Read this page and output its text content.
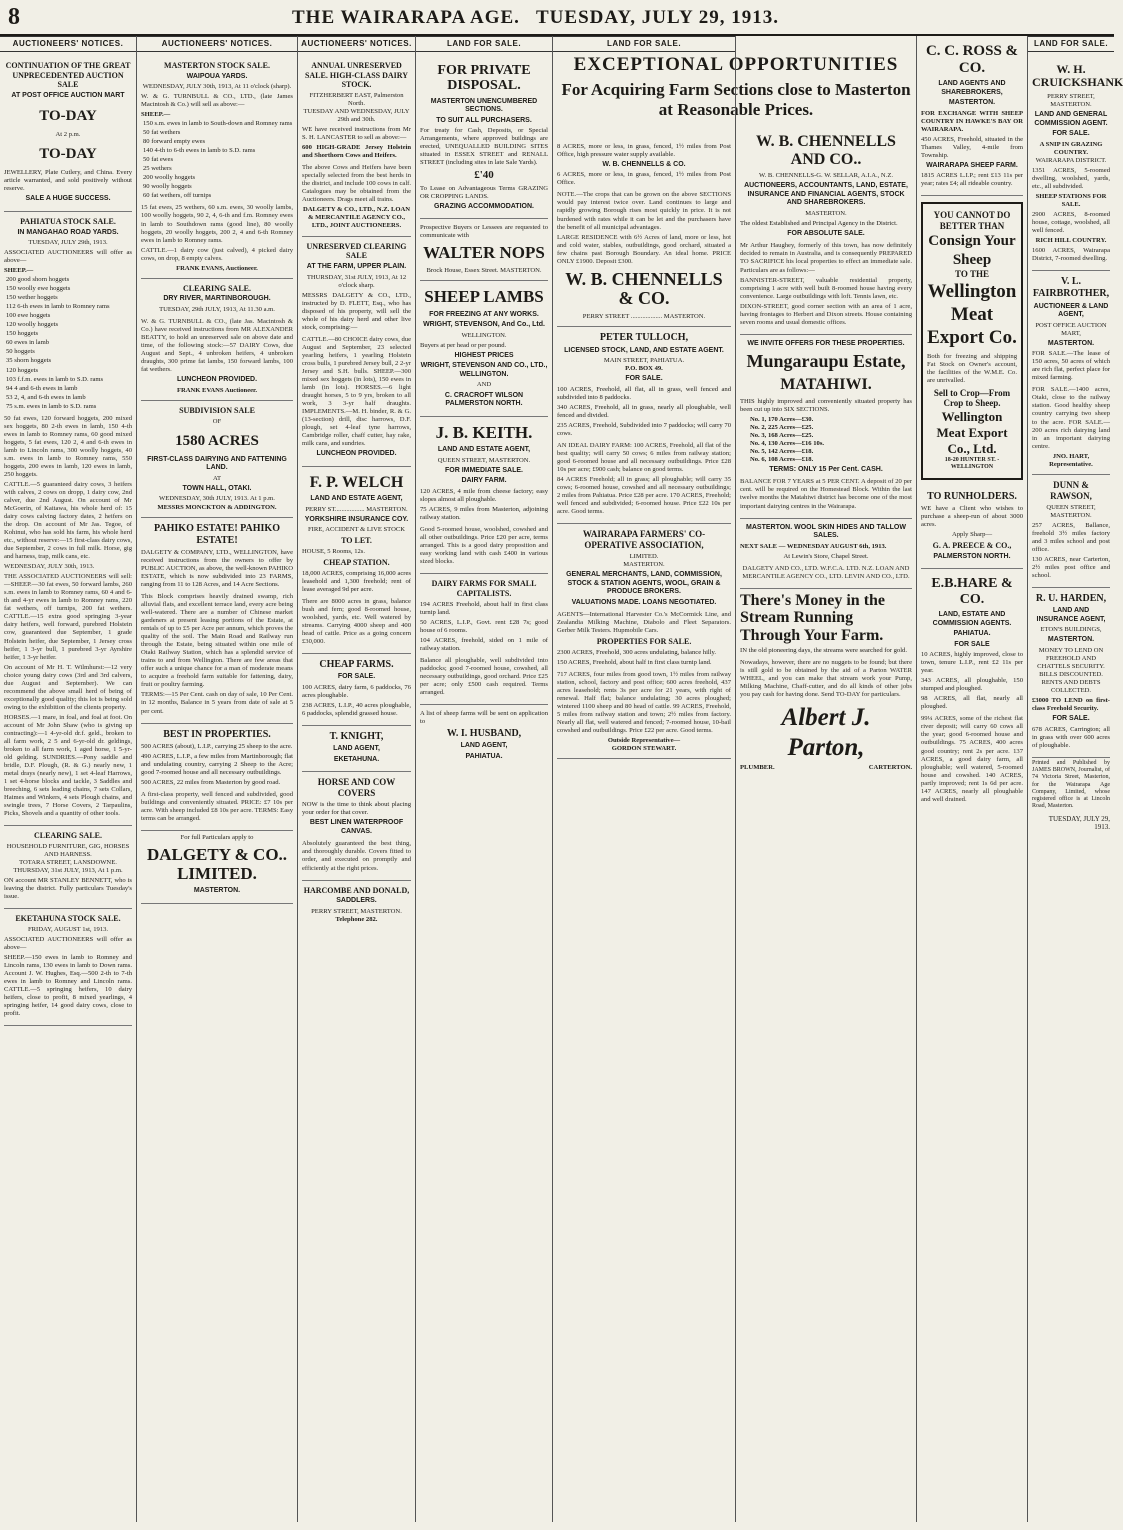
8	THE WAIRARAPA AGE. TUESDAY, JULY 29, 1913.
AUCTIONEERS' NOTICES.
CONTINUATION OF THE GREAT UNPRECEDENTED AUCTION SALE
AT POST OFFICE AUCTION MART
TO-DAY
At 2 p.m.
TO-DAY

JEWELLERY, Plate Cutlery, and China. Every article warranted, and sold positively without reserve.

SALE A HUGE SUCCESS.
PAHIATUA STOCK SALE.
IN MANGAHAO ROAD YARDS.
TUESDAY, JULY 29th, 1913.

ASSOCIATED AUCTIONEERS will offer as above—

SHEEP.—
200 good shorn hoggets
150 woolly ewe hoggets
150 wether hoggets
112 6-th ewes in lamb to Romney rams
100 ewe hoggets
120 woolly hoggets
150 hoggets
60 ewes in lamb
50 hoggets
35 shorn hoggets
120 hoggets
103 f.f.m. ewes in lamb to S.D. rams
94 4 and 6-th ewes in lamb
53 2, 4, and 6-th ewes in lamb
75 s.m. ewes in lamb to S.D. rams

50 fat ewes, 120 forward hoggets, 200 mixed sex hoggets, 80 2-th ewes in lamb, 150 4-th ewes in lamb to Romney rams, 60 good mixed hoggets, 5 fat ewes, 120 2, 4 and 6-th ewes in lamb to Lincoln rams, 300 woolly hoggets, 40 s.m. ewes in lamb to Romney rams, 550 hoggets, 200 ewes in lamb, 120 ewes in lamb, 250 hoggets.

CATTLE.—5 guaranteed dairy cows, 3 heifers with calves, 2 cows on dropp, 1 dairy cow, 2nd calver, due 2nd August. On account of Mr McGoerin, of Kaitawa, his whole herd of: 15 dairy cows calving factory dates, 2 heifers on the drop. On account of Mr Jas. Tegoe, of Kohinui, who has sold his farm, his whole herd etc., without reserve:—15 first-class dairy cows, due September, 2 cows in full milk. Horse, gig and harness, trap, milk cans, etc.

WEDNESDAY, JULY 30th, 1913.

THE ASSOCIATED AUCTIONEERS will sell:—SHEEP.—30 fat ewes, 50 forward lambs, 260 s.m. ewes in lamb to Romney rams, 60 4 and 6-th and 4-yr ewes in lamb to Romney rams, 220 fat wethers, off turnips, 200 fat wethers. CATTLE.—15 extra good springing 3-year dairy heifers, well forward, purebred Holstein cow, guaranteed due September, 1 grade Holstein heifer, due September, 1 Jersey cross heifer, 1 3-yr bull, 1 purebred 3-yr Ayrshire heifer, 1 3-yr heifer.

On account of Mr H. T. Wilmhurst:—12 very choice young dairy cows (3rd and 3rd calvers, due August and September). We can recommend the above small herd of being of exceptionally good quality; this lot is being sold owing to the exhibition of the clients property.

HORSES.—1 mare, in foal, and foal at foot. On account of Mr John Shaw (who is giving up contracting):—1 4-yr-old dr.f. geld., broken to all farm work, 2 5 and 6-yr-old dr. geldings, broken to all farm work, 1 aged horse, 1 5-yr-old gelding. SUNDRIES.—Pony saddle and bridle, D.F. Plough, (R. & G.) nearly new, 1 metal drays (nearly new), 1 set 4-leaf Harrows, 1 set 4-horse blocks and tackle, 3 Saddles and breeching, 6 sets leading chains, 7 sets Collars, Haimes and Winkers, 4 sets Plough chains, and swingle trees, 7 Horse Covers, 2 Tarpaulins, Picks, Shovels and a quantity of other tools.

CLEARING SALE.
HOUSEHOLD FURNITURE, GIG, HORSES AND HARNESS.
TOTARA STREET, LANSDOWNE.
THURSDAY, 31st JULY, 1913, At 1 p.m.

ON account MR STANLEY BENNETT, who is leaving the district. Fully particulars Tuesday's issue.

EKETAHUNA STOCK SALE.
FRIDAY, AUGUST 1st, 1913.

ASSOCIATED AUCTIONEERS will offer as above—

SHEEP.—150 ewes in lamb to Romney and Lincoln rams, 130 ewes in lamb to Down rams. Account J. W. Hughes, Esq.—500 2-th to 7-th ewes in lamb to Romney and Lincoln rams. CATTLE.—5 springing heifers, 10 dairy heifers, close to profit, 8 mixed yearlings, 4 springing heifer, 14 good dairy cows, close to profit.

AUCTIONEERS' NOTICES.
MASTERTON STOCK SALE.
WAIPOUA YARDS.
WEDNESDAY, JULY 30th, 1913, At 11 o'clock (sharp).

W. & G. TURNBULL & CO., LTD., (late James Macintosh & Co.) will sell as above:—

SHEEP.—
150 s.m. ewes in lamb to South-down and Romney rams
50 fat wethers
80 forward empty ewes
140 4-th to 6-th ewes in lamb to S.D. rams
50 fat ewes
25 wethers
200 woolly hoggets
90 woolly hoggets
60 fat wethers, off turnips

15 fat ewes, 25 wethers, 60 s.m. ewes, 30 woolly lambs, 100 woolly hoggets, 90 2, 4, 6-th and f.m. Romney ewes in lamb to Southdown rams (good line), 80 woolly hoggets, 20 woolly hoggets, 200 2, 4 and 6-th Romney ewes in lamb to Romney rams.

CATTLE.—1 dairy cow (just calved), 4 picked dairy cows, on drop, 8 empty calves.

FRANK EVANS, Auctioneer.
CLEARING SALE.
DRY RIVER, MARTINBOROUGH.
TUESDAY, 29th JULY, 1913, At 11.30 a.m.

W. & G. TURNBULL & CO., (late Jas. Macintosh & Co.) have received instructions from MR ALEXANDER BEATTY, to hold an unreserved sale on above date and time, of the following stock:—57 DAIRY Cows, due August and Sept., 4 unbroken heifers, 4 unbroken draughts, 300 prime fat lambs, 150 forward lambs, 100 fat wethers.

LUNCHEON PROVIDED.
FRANK EVANS Auctioneer.
SUBDIVISION SALE
OF
1580 ACRES
FIRST-CLASS DAIRYING AND FATTENING LAND.
AT
TOWN HALL, OTAKI.
WEDNESDAY, 30th JULY, 1913. At 1 p.m.
MESSRS MONCKTON & ADDINGTON.
PAHIKO ESTATE! PAHIKO ESTATE!

DALGETY & COMPANY, LTD., WELLINGTON, have received instructions from the owners to offer by PUBLIC AUCTION, as above, the well-known PAHIKO ESTATE, which is now subdivided into 23 FARMS, ranging from 11 to 128 Acres, and 14 Acre Sections.

This Block comprises heavily drained swamp, rich alluvial flats, and excellent terrace land, every acre being well-watered. There are a number of Chinese market gardeners at present leasing portions of the Estate, at rentals of up to £5 per Acre per annum, which proves the quality of the soil. The Main Road and Railway run through the Estate, being situated within one mile of Otaki Railway Station, which has a splendid service of trains to and from Wellington. There are few areas that offer such a unique chance for a man of moderate means to acquire a freehold farm suitable for fattening, dairy, fruit or poultry farming.

TERMS:—15 Per Cent. cash on day of sale, 10 Per Cent. in 12 months, Balance in 5 years from date of sale at 5 per cent.

BEST IN PROPERTIES.

500 ACRES (about), L.I.P., carrying 25 sheep to the acre.

490 ACRES, L.I.P., a few miles from Martinborough; flat and undulating country, carrying 2 Sheep to the Acre; good 7-roomed house and all necessary outbuildings.

500 ACRES, 22 miles from Masterton by good road.

A first-class property, well fenced and subdivided, good buildings and conveniently situated. PRICE: £7 10s per acre. With sheep included £8 10s per acre. TERMS: Easy terms can be arranged.

For full Particulars apply to
DALGETY & CO.. LIMITED.
MASTERTON.
AUCTIONEERS' NOTICES.
ANNUAL UNRESERVED SALE. HIGH-CLASS DAIRY STOCK.
FITZHERBERT EAST, Palmerston North.
TUESDAY AND WEDNESDAY, JULY 29th and 30th.

WE have received instructions from Mr S. H. LANCASTER to sell as above:—

600 HIGH-GRADE Jersey Holstein and Shorthorn Cows and Heifers.

The above Cows and Heifers have been specially selected from the best herds in the district, and include 100 cows in calf. Catalogues may be obtained from the Auctioneers. Drags meet all trains.

DALGETY & CO., LTD., N.Z. LOAN & MERCANTILE AGENCY CO., LTD., JOINT AUCTIONEERS.
UNRESERVED CLEARING SALE
AT THE FARM, UPPER PLAIN.
THURSDAY, 31st JULY, 1913, At 12 o'clock sharp.

MESSRS DALGETY & CO., LTD., instructed by D. FLETT, Esq., who has disposed of his property, will sell the whole of his dairy herd and other live stock, comprising:—

CATTLE.—80 CHOICE dairy cows, due August and September, 23 selected yearling heifers, 1 yearling Holstein cross bulls, 1 purebred Jersey bull, 2 2-yr Jersey and S.H. bulls. SHEEP.—300 mixed sex hoggets (in lots), 150 ewes in lamb (in lots). HORSES.—6 light draught horses, 5 to 9 yrs, broken to all work, 3 3-yr half draughts. IMPLEMENTS.—M. H. binder, R. & G. (13-section) drill, disc harrows, D.F. plough, set 4-leaf tyne harrows, Cambridge roller, chaff cutter, hay rake, milk cans, and sundries.

LUNCHEON PROVIDED.
F. P. WELCH
LAND AND ESTATE AGENT,
PERRY ST.................. MASTERTON.
YORKSHIRE INSURANCE COY.
FIRE, ACCIDENT & LIVE STOCK
TO LET.

HOUSE, 5 Rooms, 12s.

CHEAP STATION.

18,000 ACRES, comprising 16,000 acres leasehold and 1,300 freehold; rent of lease averaged 9d per acre.

There are 8000 acres in grass, balance bush and fern; good 8-roomed house, woolshed, yards, etc. Well watered by streams. Carrying 4000 sheep and 400 head of cattle. Price as a going concern £30,000.

CHEAP FARMS.
FOR SALE.

100 ACRES, dairy farm, 6 paddocks, 76 acres ploughable.

238 ACRES, L.I.P., 40 acres ploughable, 6 paddocks, splendid grassed house.

T. KNIGHT,
LAND AGENT,
EKETAHUNA.
HORSE AND COW COVERS

NOW is the time to think about placing your order for that cover.

BEST LINEN WATERPROOF CANVAS.

Absolutely guaranteed the best thing, and thoroughly durable. Covers fitted to order, and executed on promptly and efficiently at the right prices.

HARCOMBE AND DONALD,
SADDLERS.
PERRY STREET, MASTERTON.
Telephone 282.
LAND FOR SALE.
FOR PRIVATE DISPOSAL.
MASTERTON UNENCUMBERED SECTIONS.
TO SUIT ALL PURCHASERS.

For treaty for Cash, Deposits, or Special Arrangements, where approved buildings are erected, UNEQUALLED BUILDING SITES situated in ESSEX STREET and RENALL STREET (including sites in late Sale Yards).

£'40

To Lease on Advantageous Terms GRAZING OR CROPPING LANDS.

GRAZING ACCOMMODATION.

Prospective Buyers or Lessees are requested to communicate with

WALTER NOPS
Brock House, Essex Street. MASTERTON.
SHEEP LAMBS
FOR FREEZING AT ANY WORKS.
WRIGHT, STEVENSON, And Co., Ltd.
WELLINGTON.

Buyers at per head or per pound.

HIGHEST PRICES
WRIGHT, STEVENSON AND CO., LTD., WELLINGTON.
AND
C. CRACROFT WILSON PALMERSTON NORTH.
J. B. KEITH.
LAND AND ESTATE AGENT,
QUEEN STREET, MASTERTON.
FOR IMMEDIATE SALE.
DAIRY FARM.

120 ACRES, 4 mile from cheese factory; easy slopes almost all ploughable.

75 ACRES, 9 miles from Masterton, adjoining railway station.

Good 5-roomed house, woolshed, cowshed and all other outbuildings. Price £20 per acre, terms arranged. This is a good dairy proposition and easy working land with cash £400 in various sized blocks.

DAIRY FARMS FOR SMALL CAPITALISTS.

194 ACRES Freehold, about half in first class turnip land.

50 ACRES, L.I.P., Govt. rent £28 7s; good house of 6 rooms.

104 ACRES, freehold, sided on 1 mile of railway station.

Balance all ploughable, well subdivided into paddocks; good 7-roomed house, cowshed, all necessary outbuildings, good orchard. Price £25 per acre; only £500 cash required. Terms arranged.

A list of sheep farms will be sent on application to

W. I. HUSBAND,
LAND AGENT,
PAHIATUA.
EXCEPTIONAL OPPORTUNITIES
For Acquiring Farm Sections close to Masterton at Reasonable Prices.
LAND FOR SALE.

8 ACRES, more or less, in grass, fenced, 1½ miles from Post Office, high pressure water supply available.

W. B. CHENNELLS & CO.

6 ACRES, more or less, in grass, fenced, 1½ miles from Post Office.

NOTE.—The crops that can be grown on the above SECTIONS would pay interest twice over. Land continues to large and rapidly growing Borough rises most quickly in price. It is not burdened with rates while it can be let and the purchasers have the benefit of all municipal advantages.

LARGE RESIDENCE with 6½ Acres of land, more or less, hot and cold water, stables, outbuildings, good orchard, situated a few chains past Borough Boundary. An ideal home. PRICE ONLY £1900. Deposit £300.

W. B. CHENNELLS & CO.
PERRY STREET ................... MASTERTON.
PETER TULLOCH,
LICENSED STOCK, LAND, AND ESTATE AGENT.
MAIN STREET, PAHIATUA.
P.O. BOX 49.
FOR SALE.

100 ACRES, Freehold, all flat, all in grass, well fenced and subdivided into 8 paddocks.

340 ACRES, Freehold, all in grass, nearly all ploughable, well fenced and divided.

235 ACRES, Freehold, Subdivided into 7 paddocks; will carry 70 cows.

AN IDEAL DAIRY FARM: 100 ACRES, Freehold, all flat of the best quality; will carry 50 cows; 6 miles from railway station; good 6-roomed house and all necessary outbuildings. Price £28 10s per acre; £900 cash; balance on good terms.

84 ACRES Freehold; all in grass; all ploughable; will carry 35 cows; 6-roomed house, cowshed and all necessary outbuildings; 2 miles from Pahiatua. Price £28 per acre. 170 ACRES, Freehold; well fenced and subdivided; 6-roomed house. Price £22 10s per acre. Good terms.

WAIRARAPA FARMERS' CO-OPERATIVE ASSOCIATION,
LIMITED.
MASTERTON.
GENERAL MERCHANTS, LAND, COMMISSION, STOCK & STATION AGENTS, WOOL, GRAIN & PRODUCE BROKERS.
VALUATIONS MADE. LOANS NEGOTIATED.

AGENTS—International Harvester Co.'s McCormick Line, and Zealandia Milking Machine, Diabolo and Fleet Separators. Gerber Milk Testers. Hupmobile Cars.

PROPERTIES FOR SALE.

2300 ACRES, Freehold, 300 acres undulating, balance hilly.

150 ACRES, Freehold, about half in first class turnip land.

717 ACRES, four miles from good town, 1½ miles from railway station, school, factory and post office; 600 acres freehold, 437 acres leasehold; rents 3s per acre for 21 years, with right of renewal. Half flat; balance undulating; 30 acres ploughed; wintered 1100 sheep and 80 head of cattle. 99 ACRES, Freehold, 5 miles from railway station and town; 2½ miles from factory. Nearly all flat, well watered and fenced; 7-roomed house, 10-bail cowshed and outbuildings. Price £22 per acre. Good terms.

Outside Representative—
GORDON STEWART.
W. B. CHENNELLS AND CO..
W. B. CHENNELLS-G. W. SELLAR, A.I.A., N.Z.
AUCTIONEERS, ACCOUNTANTS, LAND, ESTATE, INSURANCE AND FINANCIAL AGENTS, STOCK AND SHAREBROKERS.
MASTERTON.

The oldest Established and Principal Agency in the District.

FOR ABSOLUTE SALE.

Mr Arthur Haughey, formerly of this town, has now definitely decided to remain in Australia, and is consequently PREPARED TO SACRIFICE his local properties to effect an immediate sale. Particulars are as follows:—

BANNISTER-STREET, valuable residential property, comprising 1 acre with well built 8-roomed house having every convenience. Large outbuildings with loft. Tennis lawn, etc.

DIXON-STREET, good corner section with an area of 1 acre, having frontages to Herbert and Dixon streets. House containing seven rooms and usual domestic offices.

WE INVITE OFFERS FOR THESE PROPERTIES.
Mungaraupu Estate,
MATAHIWI.

THIS highly improved and conveniently situated property has been cut up into SIX SECTIONS.

No. 1, 170 Acres—£30.
No. 2, 225 Acres—£25.
No. 3, 168 Acres—£25.
No. 4, 130 Acres—£16 10s.
No. 5, 142 Acres—£18.
No. 6, 108 Acres—£18.
TERMS: ONLY 15 Per Cent. CASH.

BALANCE FOR 7 YEARS at 5 PER CENT. A deposit of 20 per cent. will be required on the Homestead Block. Within the last twelve months the Matahiwi district has become one of the most important dairying centres in the Wairarapa.

MASTERTON. WOOL SKIN HIDES AND TALLOW SALES.

NEXT SALE — WEDNESDAY AUGUST 6th, 1913.

At Lewin's Store, Chapel Street.

DALGETY AND CO., LTD. W.F.C.A. LTD. N.Z. LOAN AND MERCANTILE AGENCY CO., LTD. LEVIN AND CO., LTD.

There's Money in the Stream Running Through Your Farm.

IN the old pioneering days, the streams were searched for gold.

Nowadays, however, there are no nuggets to be found; but there is still gold to be obtained by the aid of a Parton WATER WHEEL, and you can make that stream work your Pump, Milking Machine, Chaff-cutter, and do all kinds of other jobs you pay cash for having done. Send TO-DAY for particulars.

Albert J. Parton,
PLUMBER.	CARTERTON.
C. C. ROSS & CO.
LAND AGENTS AND SHAREBROKERS,
MASTERTON.

FOR EXCHANGE WITH SHEEP COUNTRY IN HAWKE'S BAY OR WAIRARAPA.

450 ACRES, Freehold, situated in the Thames Valley, 4-mile from Township.

WAIRARAPA SHEEP FARM.

1815 ACRES L.I.P.; rent £13 11s per year; rates £4; all rideable country.

YOU CANNOT DO BETTER THAN
Consign Your Sheep
TO THE
Wellington Meat Export Co.

Both for freezing and shipping Fat Stock on Owner's account, the facilities of the W.M.E. Co. are unrivalled.

Sell to Crop—From Crop to Sheep.
Wellington Meat Export Co., Ltd.
18-20 HUNTER ST. - WELLINGTON
TO RUNHOLDERS.

WE have a Client who wishes to purchase a sheep-run of about 3000 acres.

Apply Sharp—
G. A. PREECE & CO.,
PALMERSTON NORTH.
E.B.HARE & CO.
LAND, ESTATE AND COMMISSION AGENTS.
PAHIATUA.
FOR SALE

10 ACRES, highly improved, close to town, tenure L.I.P., rent £2 11s per year.

343 ACRES, all ploughable, 150 stumped and ploughed.

98 ACRES, all flat, nearly all ploughed.

99¼ ACRES, some of the richest flat river deposit; will carry 60 cows all the year; good 6-roomed house and outbuildings. 75 ACRES, 400 acres good country; rent 2s per acre. 137 ACRES, a good dairy farm, all ploughable; well watered, 5-roomed house and cowshed. 140 ACRES, partly improved; rent 1s 6d per acre. 147 ACRES, nearly all ploughable and well drained.

LAND FOR SALE.
W. H. CRUICKSHANK
PERRY STREET, MASTERTON.
LAND AND GENERAL COMMISSION AGENT.
FOR SALE.
A SNIP IN GRAZING COUNTRY.
WAIRARAPA DISTRICT.

1351 ACRES, 5-roomed dwelling, woolshed, yards, etc., all subdivided.

SHEEP STATIONS FOR SALE.

2900 ACRES, 8-roomed house, cottage, woolshed, all well fenced.

RICH HILL COUNTRY.

1600 ACRES, Wairarapa District, 7-roomed dwelling.

V. L. FAIRBROTHER,
AUCTIONEER & LAND AGENT,
POST OFFICE AUCTION MART,
MASTERTON.

FOR SALE.—The lease of 150 acres, 50 acres of which are rich flat, perfect place for mixed farming.

FOR SALE.—1400 acres, Otaki, close to the railway station. Good healthy sheep country carrying two sheep to the acre. FOR SALE.—200 acres rich dairying land in an important dairying centre.

JNO. HART, Representative.
DUNN & RAWSON,
QUEEN STREET, MASTERTON.

257 ACRES, Ballance, freehold 3½ miles factory and 3 miles school and post office.

130 ACRES, near Carterton, 2½ miles post office and school.

R. U. HARDEN,
LAND AND INSURANCE AGENT,
ETON'S BUILDINGS,
MASTERTON.
MONEY TO LEND ON FREEHOLD AND CHATTELS SECURITY.
BILLS DISCOUNTED.
RENTS AND DEBTS COLLECTED.

£3000 TO LEND on first-class Freehold Security.

FOR SALE.

678 ACRES, Carrington; all in grass with over 600 acres of ploughable.

Printed and Published by JAMES BROWN, Journalist, of 74 Victoria Street, Masterton, for the Wairarapa Age Company, Limited, whose registered office is at Lincoln Road, Masterton.

TUESDAY, JULY 29, 1913.
